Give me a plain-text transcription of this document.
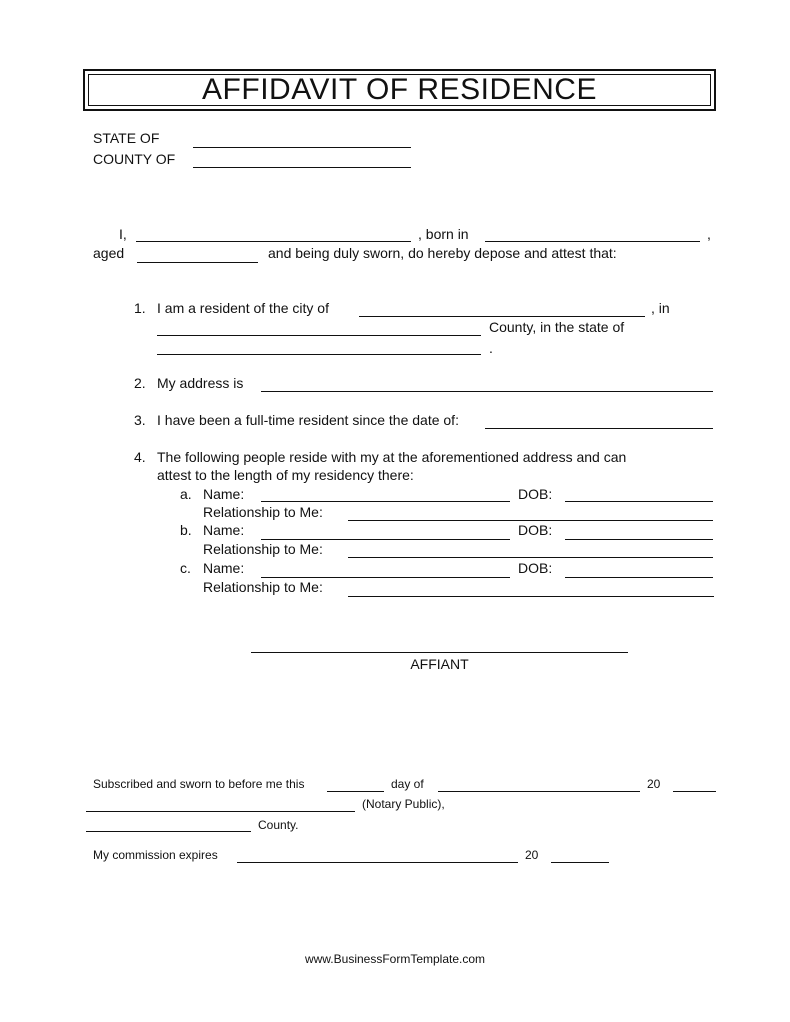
AFFIDAVIT OF RESIDENCE
STATE OF
COUNTY OF
I,	, born in	,
aged	and being duly sworn, do hereby depose and attest that:
1. I am a resident of the city of	, in
County, in the state of
.
2. My address is
3. I have been a full-time resident since the date of:
4. The following people reside with my at the aforementioned address and can
attest to the length of my residency there:
a. Name:	DOB:
Relationship to Me:
b. Name:	DOB:
Relationship to Me:
c. Name:	DOB:
Relationship to Me:
AFFIANT
Subscribed and sworn to before me this	day of	20
(Notary Public),
County.
My commission expires	20
www.BusinessFormTemplate.com
